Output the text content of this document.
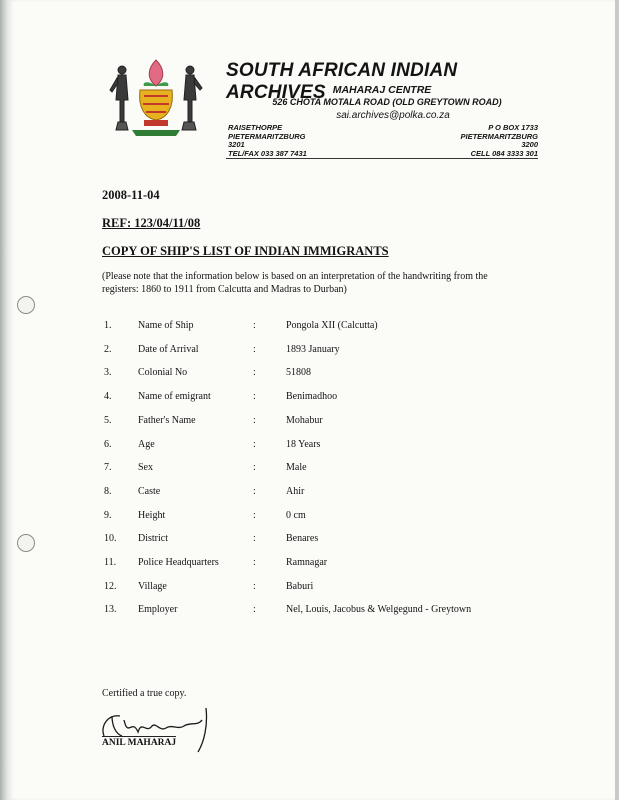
SOUTH AFRICAN INDIAN ARCHIVES MAHARAJ CENTRE
526 CHOTA MOTALA ROAD (OLD GREYTOWN ROAD)
sai.archives@polka.co.za
RAISETHORPE
PIETERMARITZBURG
3201
TEL/FAX 033 387 7431
P O BOX 1733
PIETERMARITZBURG
3200
CELL 084 3333 301
2008-11-04
REF: 123/04/11/08
COPY OF SHIP'S LIST OF INDIAN IMMIGRANTS
(Please note that the information below is based on an interpretation of the handwriting from the registers: 1860 to 1911 from Calcutta and Madras to Durban)
1.	Name of Ship	:	Pongola XII (Calcutta)
2.	Date of Arrival	:	1893 January
3.	Colonial No	:	51808
4.	Name of emigrant	:	Benimadhoo
5.	Father's Name	:	Mohabur
6.	Age	:	18 Years
7.	Sex	:	Male
8.	Caste	:	Ahir
9.	Height	:	0 cm
10. District	:	Benares
11. Police Headquarters	:	Ramnagar
12. Village	:	Baburi
13. Employer	:	Nel, Louis, Jacobus & Welgegund - Greytown
Certified a true copy.
ANIL MAHARAJ
